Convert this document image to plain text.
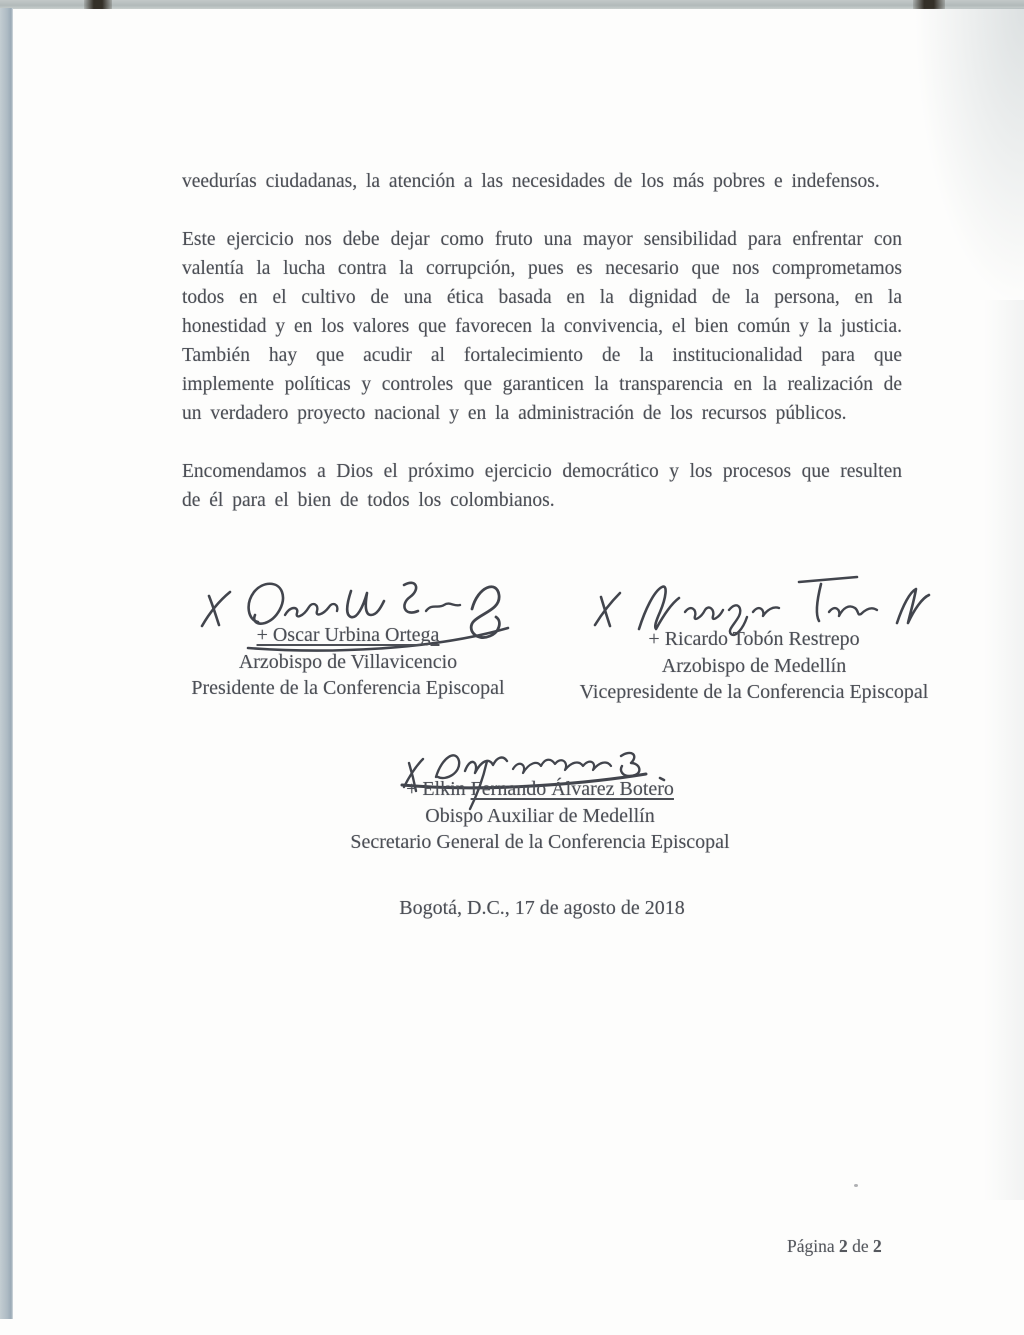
veedurías ciudadanas, la atención a las necesidades de los más pobres e indefensos.

Este ejercicio nos debe dejar como fruto una mayor sensibilidad para enfrentar con valentía la lucha contra la corrupción, pues es necesario que nos comprometamos todos en el cultivo de una ética basada en la dignidad de la persona, en la honestidad y en los valores que favorecen la convivencia, el bien común y la justicia. También hay que acudir al fortalecimiento de la institucionalidad para que implemente políticas y controles que garanticen la transparencia en la realización de un verdadero proyecto nacional y en la administración de los recursos públicos.

Encomendamos a Dios el próximo ejercicio democrático y los procesos que resulten de él para el bien de todos los colombianos.

+ Oscar Urbina Ortega
Arzobispo de Villavicencio
Presidente de la Conferencia Episcopal
+ Ricardo Tobón Restrepo
Arzobispo de Medellín
Vicepresidente de la Conferencia Episcopal
+ Elkin Fernando Álvarez Botero
Obispo Auxiliar de Medellín
Secretario General de la Conferencia Episcopal
Bogotá, D.C., 17 de agosto de 2018
Página 2 de 2
